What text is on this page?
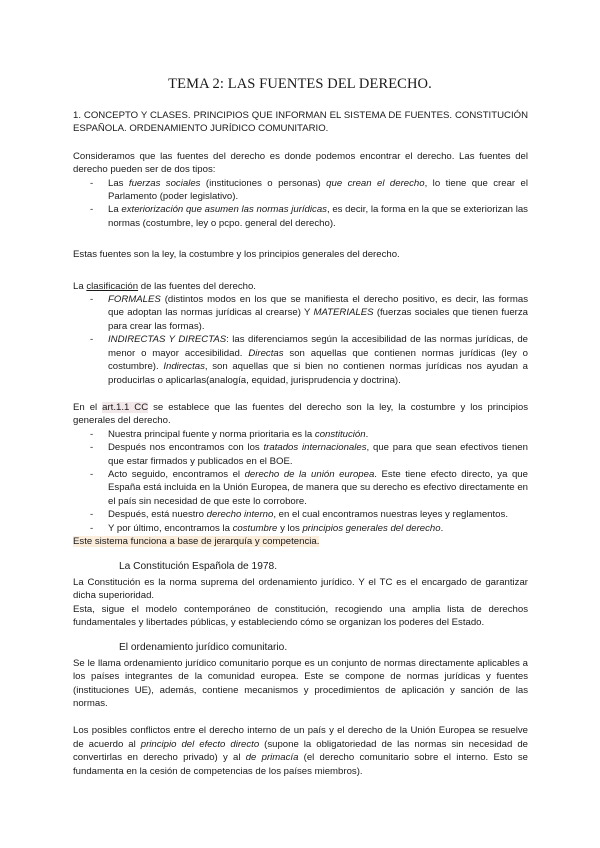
TEMA 2: LAS FUENTES DEL DERECHO.

1. CONCEPTO Y CLASES. PRINCIPIOS QUE INFORMAN EL SISTEMA DE FUENTES. CONSTITUCIÓN ESPAÑOLA. ORDENAMIENTO JURÍDICO COMUNITARIO.

Consideramos que las fuentes del derecho es donde podemos encontrar el derecho. Las fuentes del derecho pueden ser de dos tipos:

- Las fuerzas sociales (instituciones o personas) que crean el derecho, lo tiene que crear el Parlamento (poder legislativo).
- La exteriorización que asumen las normas jurídicas, es decir, la forma en la que se exteriorizan las normas (costumbre, ley o pcpo. general del derecho).

Estas fuentes son la ley, la costumbre y los principios generales del derecho.

La clasificación de las fuentes del derecho.

- FORMALES (distintos modos en los que se manifiesta el derecho positivo, es decir, las formas que adoptan las normas jurídicas al crearse) Y MATERIALES (fuerzas sociales que tienen fuerza para crear las formas).
- INDIRECTAS Y DIRECTAS: las diferenciamos según la accesibilidad de las normas jurídicas, de menor o mayor accesibilidad. Directas son aquellas que contienen normas jurídicas (ley o costumbre). Indirectas, son aquellas que si bien no contienen normas jurídicas nos ayudan a producirlas o aplicarlas(analogía, equidad, jurisprudencia y doctrina).

En el art.1.1 CC se establece que las fuentes del derecho son la ley, la costumbre y los principios generales del derecho.

- Nuestra principal fuente y norma prioritaria es la constitución.
- Después nos encontramos con los tratados internacionales, que para que sean efectivos tienen que estar firmados y publicados en el BOE.
- Acto seguido, encontramos el derecho de la unión europea. Este tiene efecto directo, ya que España está incluida en la Unión Europea, de manera que su derecho es efectivo directamente en el país sin necesidad de que este lo corrobore.
- Después, está nuestro derecho interno, en el cual encontramos nuestras leyes y reglamentos.
- Y por último, encontramos la costumbre y los principios generales del derecho.

Este sistema funciona a base de jerarquía y competencia.

La Constitución Española de 1978.

La Constitución es la norma suprema del ordenamiento jurídico. Y el TC es el encargado de garantizar dicha superioridad.

Esta, sigue el modelo contemporáneo de constitución, recogiendo una amplia lista de derechos fundamentales y libertades públicas, y estableciendo cómo se organizan los poderes del Estado.

El ordenamiento jurídico comunitario.

Se le llama ordenamiento jurídico comunitario porque es un conjunto de normas directamente aplicables a los países integrantes de la comunidad europea. Este se compone de normas jurídicas y fuentes (instituciones UE), además, contiene mecanismos y procedimientos de aplicación y sanción de las normas.

Los posibles conflictos entre el derecho interno de un país y el derecho de la Unión Europea se resuelve de acuerdo al principio del efecto directo (supone la obligatoriedad de las normas sin necesidad de convertirlas en derecho privado) y al de primacía (el derecho comunitario sobre el interno. Esto se fundamenta en la cesión de competencias de los países miembros).
